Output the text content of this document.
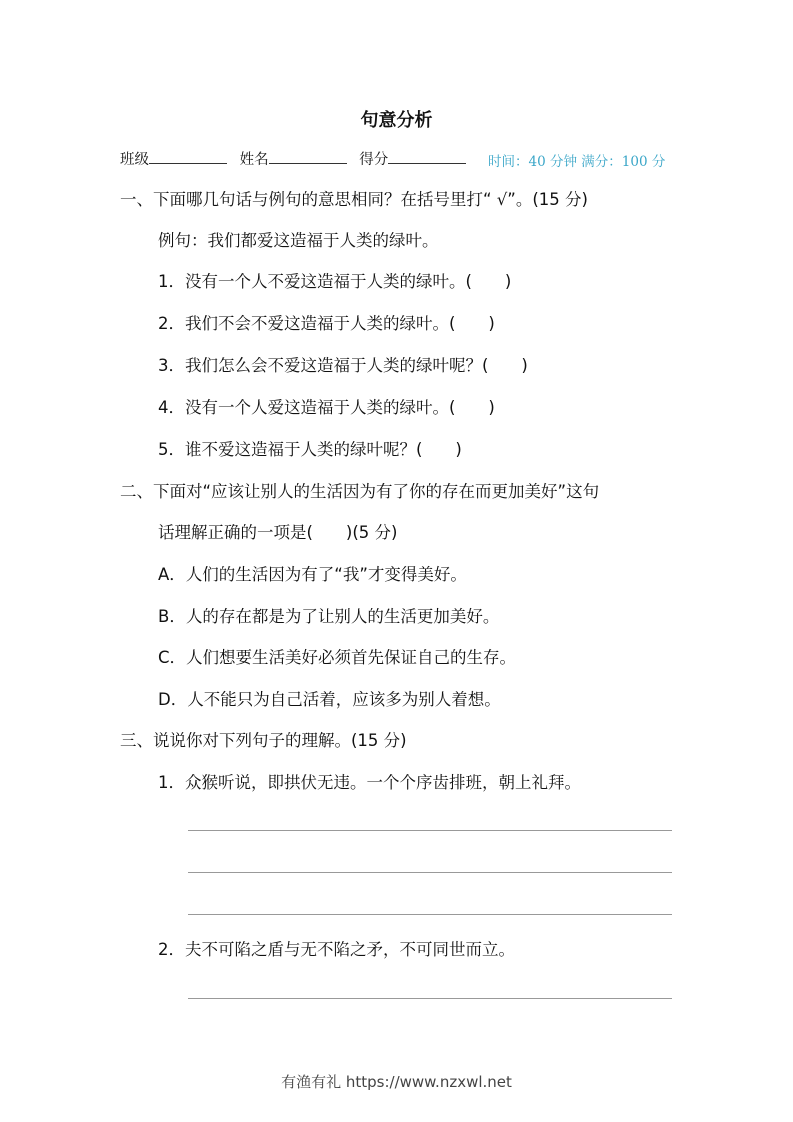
句意分析
班级	姓名	得分	时间：40 分钟 满分：100 分
一、下面哪几句话与例句的意思相同？在括号里打“ √”。(15 分)
例句：我们都爱这造福于人类的绿叶。
1．没有一个人不爱这造福于人类的绿叶。(　　)
2．我们不会不爱这造福于人类的绿叶。(　　)
3．我们怎么会不爱这造福于人类的绿叶呢？(　　)
4．没有一个人爱这造福于人类的绿叶。(　　)
5．谁不爱这造福于人类的绿叶呢？(　　)
二、下面对“应该让别人的生活因为有了你的存在而更加美好”这句
话理解正确的一项是(　　)(5 分)
A．人们的生活因为有了“我”才变得美好。
B．人的存在都是为了让别人的生活更加美好。
C．人们想要生活美好必须首先保证自己的生存。
D．人不能只为自己活着，应该多为别人着想。
三、说说你对下列句子的理解。(15 分)
1．众猴听说，即拱伏无违。一个个序齿排班，朝上礼拜。
2．夫不可陷之盾与无不陷之矛，不可同世而立。
有渔有礼 https://www.nzxwl.net
